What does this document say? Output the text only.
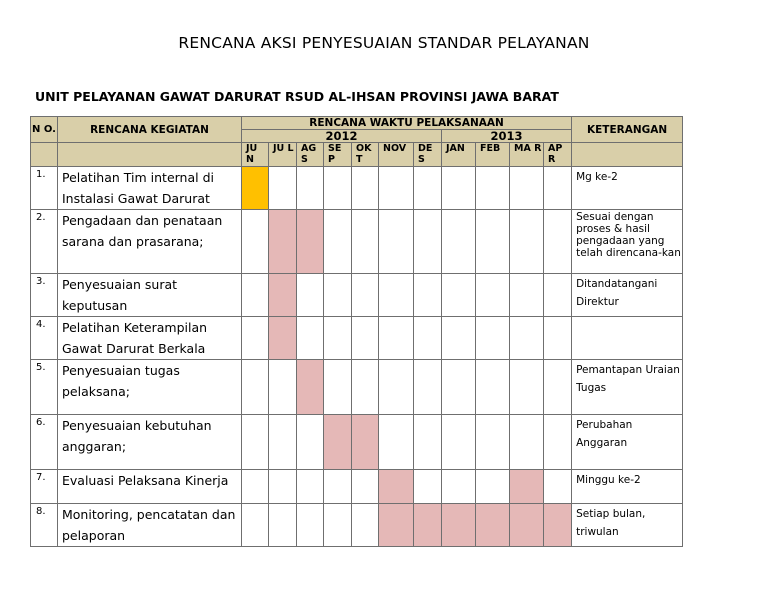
RENCANA AKSI PENYESUAIAN STANDAR PELAYANAN
UNIT PELAYANAN GAWAT DARURAT RSUD AL-IHSAN PROVINSI JAWA BARAT
N O.	RENCANA KEGIATAN	RENCANA WAKTU PELAKSANAAN											KETERANGAN
		2012							2013				
		JU N	JU L	AG S	SE P	OK T	NOV	DE S	JAN	FEB	MA R	AP R	
1.	Pelatihan Tim internal di
Instalasi Gawat Darurat												Mg ke-2
2.	Pengadaan dan penataan
sarana dan prasarana;												Sesuai dengan proses & hasil pengadaan yang telah direncana-kan
3.	Penyesuaian surat keputusan												Ditandatangani Direktur
4.	Pelatihan Keterampilan
Gawat Darurat Berkala												

5.	Penyesuaian tugas
pelaksana;												Pemantapan Uraian Tugas
6.	Penyesuaian kebutuhan
anggaran;												Perubahan Anggaran
7.	Evaluasi Pelaksana Kinerja												Minggu ke-2
8.	Monitoring, pencatatan dan
pelaporan												Setiap bulan, triwulan
